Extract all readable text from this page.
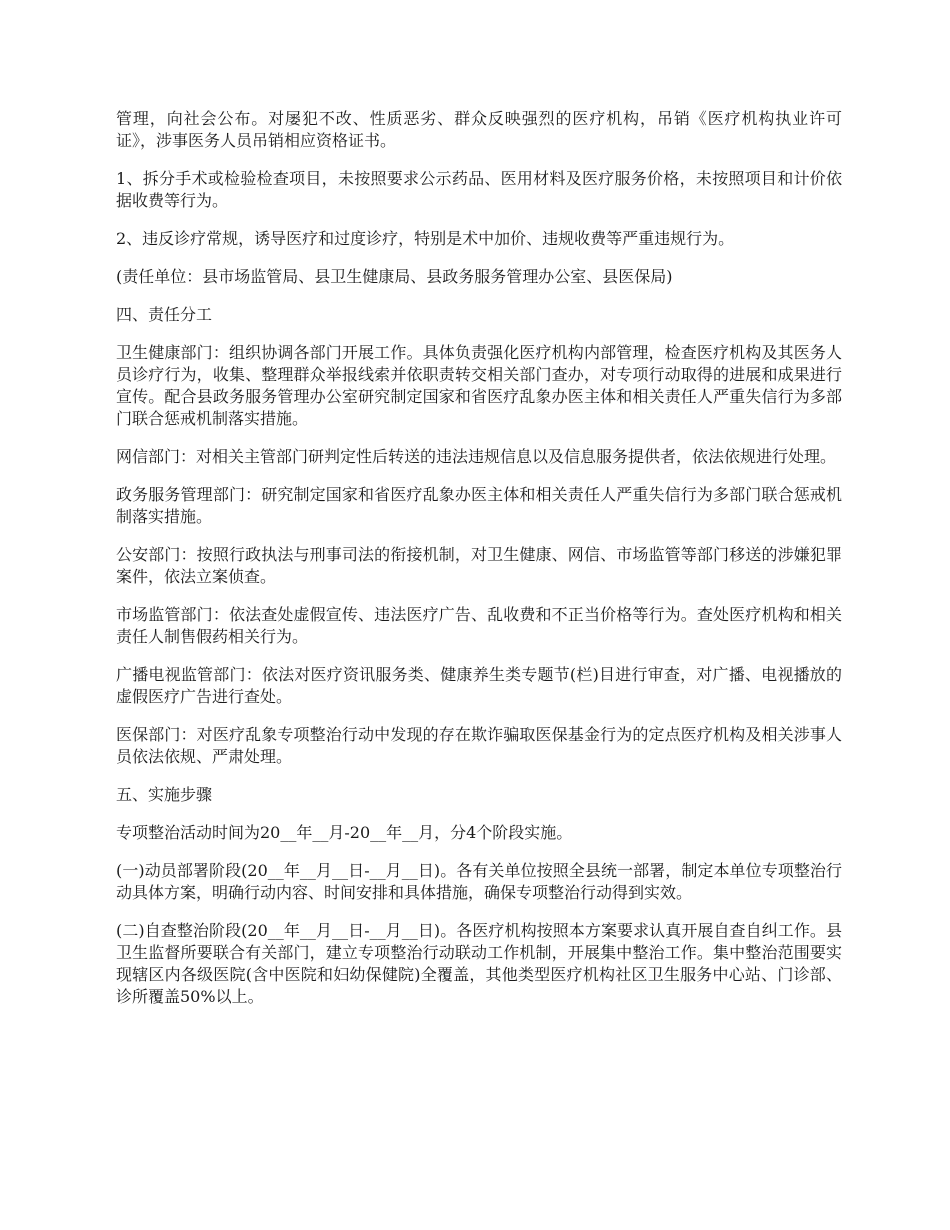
管理，向社会公布。对屡犯不改、性质恶劣、群众反映强烈的医疗机构，吊销《医疗机构执业许可证》，涉事医务人员吊销相应资格证书。

1、拆分手术或检验检查项目，未按照要求公示药品、医用材料及医疗服务价格，未按照项目和计价依据收费等行为。

2、违反诊疗常规，诱导医疗和过度诊疗，特别是术中加价、违规收费等严重违规行为。

(责任单位：县市场监管局、县卫生健康局、县政务服务管理办公室、县医保局)

四、责任分工

卫生健康部门：组织协调各部门开展工作。具体负责强化医疗机构内部管理，检查医疗机构及其医务人员诊疗行为，收集、整理群众举报线索并依职责转交相关部门查办，对专项行动取得的进展和成果进行宣传。配合县政务服务管理办公室研究制定国家和省医疗乱象办医主体和相关责任人严重失信行为多部门联合惩戒机制落实措施。

网信部门：对相关主管部门研判定性后转送的违法违规信息以及信息服务提供者，依法依规进行处理。

政务服务管理部门：研究制定国家和省医疗乱象办医主体和相关责任人严重失信行为多部门联合惩戒机制落实措施。

公安部门：按照行政执法与刑事司法的衔接机制，对卫生健康、网信、市场监管等部门移送的涉嫌犯罪案件，依法立案侦查。

市场监管部门：依法查处虚假宣传、违法医疗广告、乱收费和不正当价格等行为。查处医疗机构和相关责任人制售假药相关行为。

广播电视监管部门：依法对医疗资讯服务类、健康养生类专题节(栏)目进行审查，对广播、电视播放的虚假医疗广告进行查处。

医保部门：对医疗乱象专项整治行动中发现的存在欺诈骗取医保基金行为的定点医疗机构及相关涉事人员依法依规、严肃处理。

五、实施步骤

专项整治活动时间为20__年__月-20__年__月，分4个阶段实施。

(一)动员部署阶段(20__年__月__日-__月__日)。各有关单位按照全县统一部署，制定本单位专项整治行动具体方案，明确行动内容、时间安排和具体措施，确保专项整治行动得到实效。

(二)自查整治阶段(20__年__月__日-__月__日)。各医疗机构按照本方案要求认真开展自查自纠工作。县卫生监督所要联合有关部门，建立专项整治行动联动工作机制，开展集中整治工作。集中整治范围要实现辖区内各级医院(含中医院和妇幼保健院)全覆盖，其他类型医疗机构社区卫生服务中心站、门诊部、诊所覆盖50%以上。
